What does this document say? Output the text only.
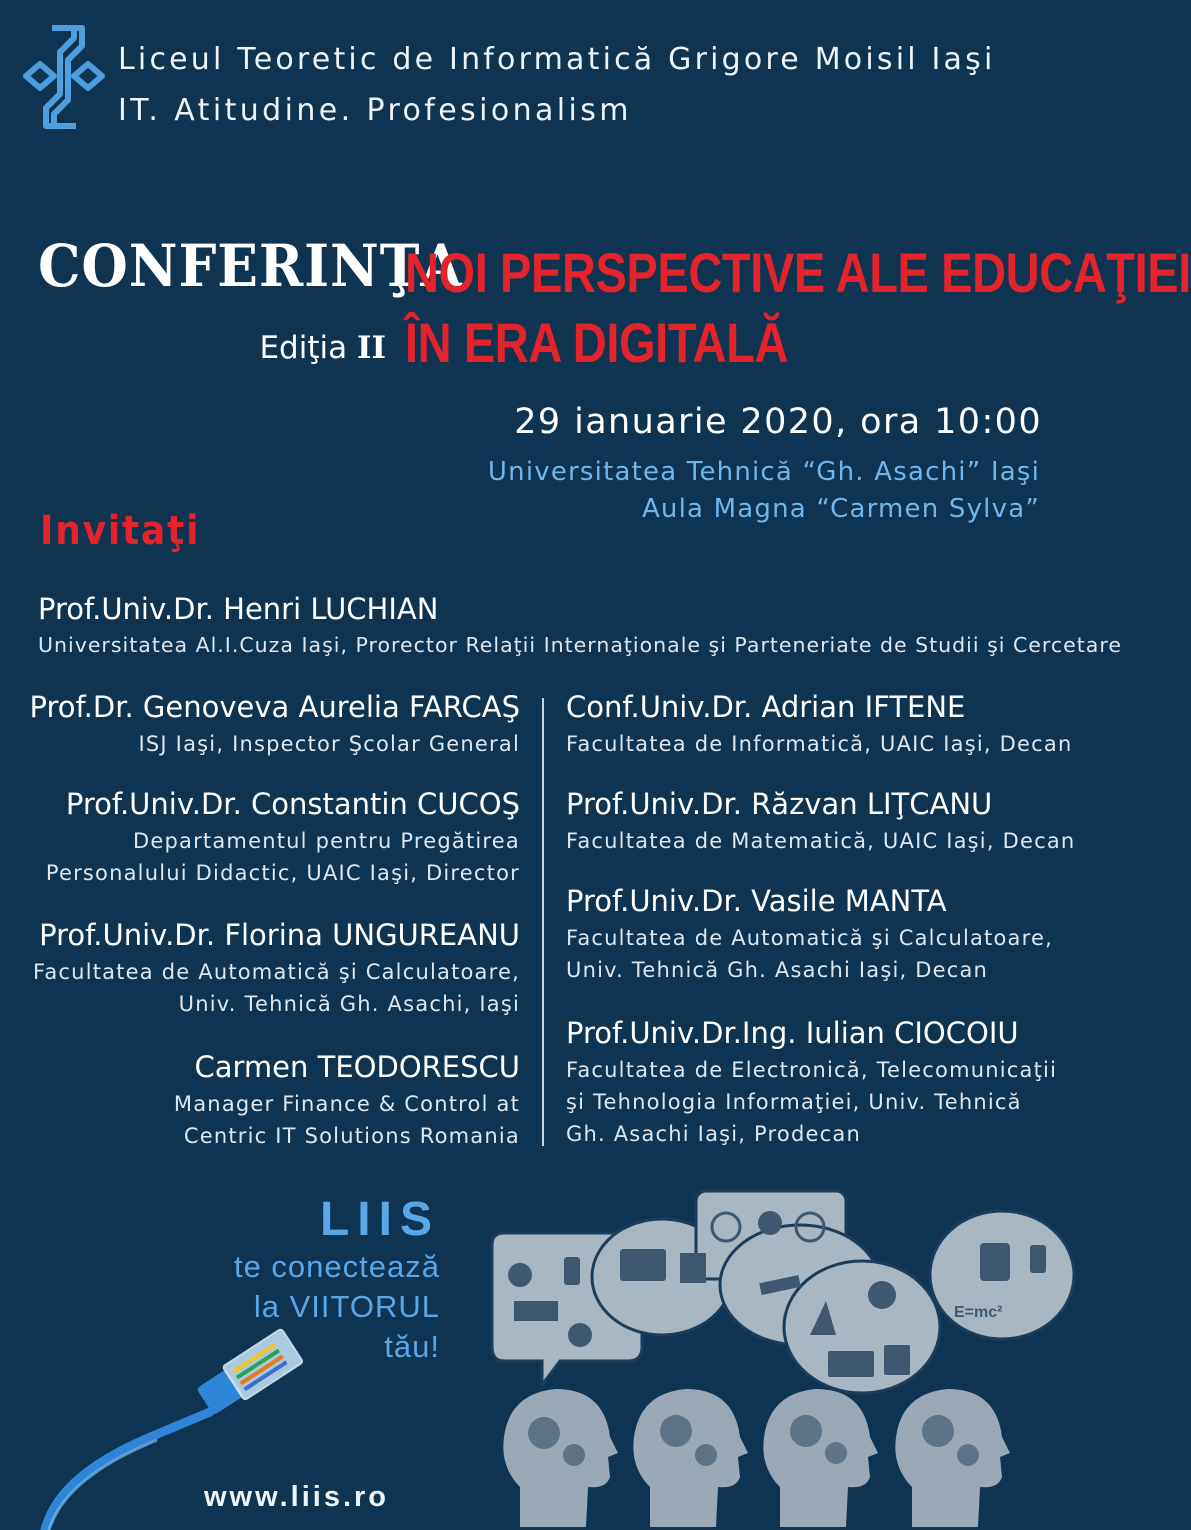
Liceul Teoretic de Informatică Grigore Moisil Iaşi
IT. Atitudine. Profesionalism
CONFERINŢA
Ediţia II
NOI PERSPECTIVE ALE EDUCAŢIEI
ÎN ERA DIGITALĂ
29 ianuarie 2020, ora 10:00
Universitatea Tehnică “Gh. Asachi” Iaşi
Aula Magna “Carmen Sylva”
Invitaţi
Prof.Univ.Dr. Henri LUCHIAN
Universitatea Al.I.Cuza Iaşi, Prorector Relaţii Internaţionale şi Parteneriate de Studii şi Cercetare
Prof.Dr. Genoveva Aurelia FARCAŞ
ISJ Iaşi, Inspector Şcolar General
Prof.Univ.Dr. Constantin CUCOŞ
Departamentul pentru Pregătirea
Personalului Didactic, UAIC Iaşi, Director
Prof.Univ.Dr. Florina UNGUREANU
Facultatea de Automatică şi Calculatoare,
Univ. Tehnică Gh. Asachi, Iaşi
Carmen TEODORESCU
Manager Finance & Control at
Centric IT Solutions Romania
Conf.Univ.Dr. Adrian IFTENE
Facultatea de Informatică, UAIC Iaşi, Decan
Prof.Univ.Dr. Răzvan LIŢCANU
Facultatea de Matematică, UAIC Iaşi, Decan
Prof.Univ.Dr. Vasile MANTA
Facultatea de Automatică şi Calculatoare,
Univ. Tehnică Gh. Asachi Iaşi, Decan
Prof.Univ.Dr.Ing. Iulian CIOCOIU
Facultatea de Electronică, Telecomunicaţii
şi Tehnologia Informaţiei, Univ. Tehnică
Gh. Asachi Iaşi, Prodecan
LIIS
te conectează
la VIITORUL
tău!
www.liis.ro
E=mc²
